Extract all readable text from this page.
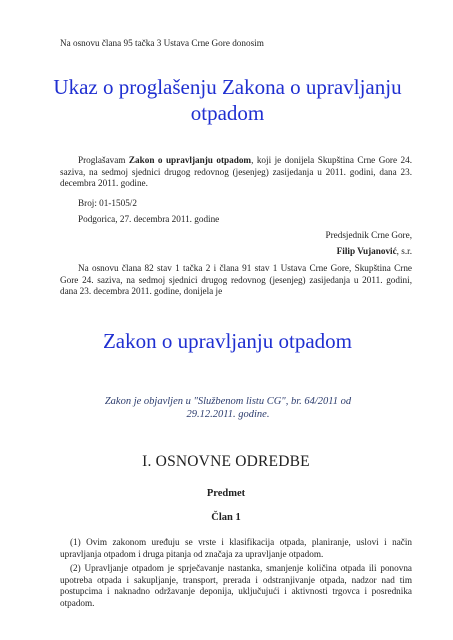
Na osnovu člana 95 tačka 3 Ustava Crne Gore donosim

Ukaz o proglašenju Zakona o upravljanju otpadom

Proglašavam Zakon o upravljanju otpadom, koji je donijela Skupština Crne Gore 24. saziva, na sedmoj sjednici drugog redovnog (jesenjeg) zasijedanja u 2011. godini, dana 23. decembra 2011. godine.

Broj: 01-1505/2

Podgorica, 27. decembra 2011. godine

Predsjednik Crne Gore,

Filip Vujanović, s.r.

Na osnovu člana 82 stav 1 tačka 2 i člana 91 stav 1 Ustava Crne Gore, Skupština Crne Gore 24. saziva, na sedmoj sjednici drugog redovnog (jesenjeg) zasijedanja u 2011. godini, dana 23. decembra 2011. godine, donijela je

Zakon o upravljanju otpadom
Zakon je objavljen u "Službenom listu CG", br. 64/2011 od 29.12.2011. godine.
I. OSNOVNE ODREDBE
Predmet
Član 1

(1) Ovim zakonom uređuju se vrste i klasifikacija otpada, planiranje, uslovi i način upravljanja otpadom i druga pitanja od značaja za upravljanje otpadom.

(2) Upravljanje otpadom je sprječavanje nastanka, smanjenje količina otpada ili ponovna upotreba otpada i sakupljanje, transport, prerada i odstranjivanje otpada, nadzor nad tim postupcima i naknadno održavanje deponija, uključujući i aktivnosti trgovca i posrednika otpadom.
